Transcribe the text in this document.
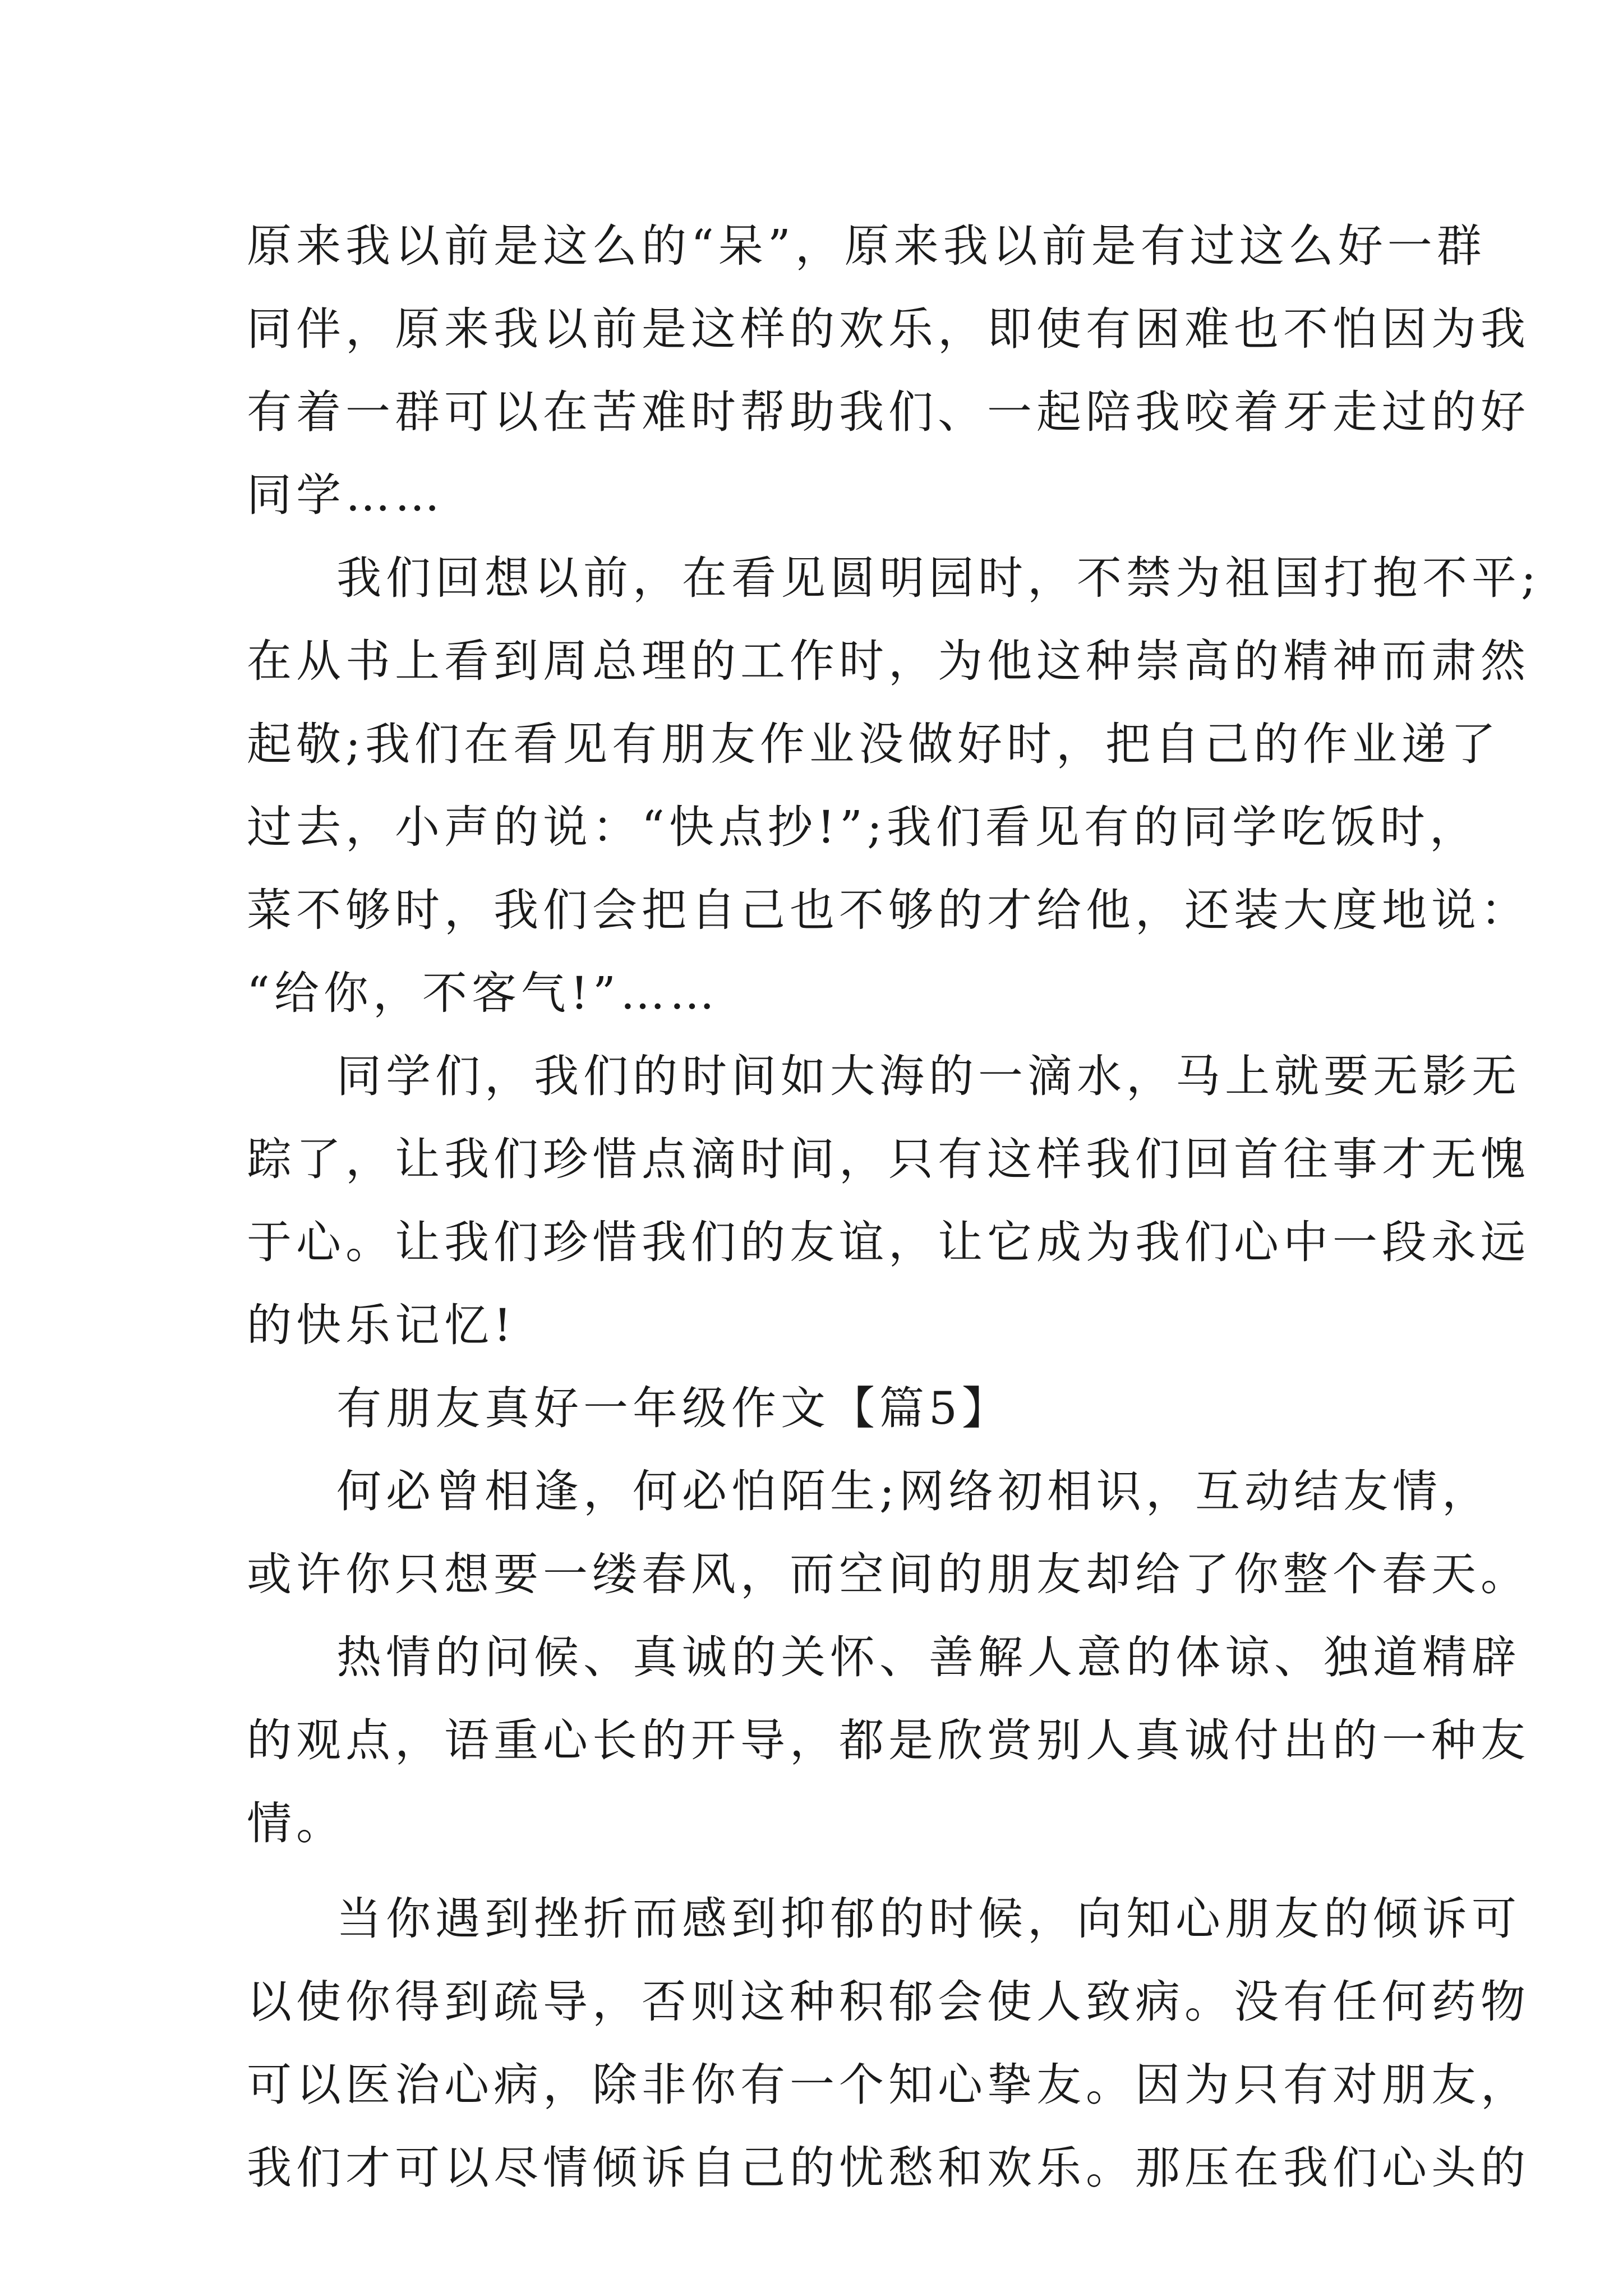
原来我以前是这么的“呆”，原来我以前是有过这么好一群
同伴，原来我以前是这样的欢乐，即使有困难也不怕因为我
有着一群可以在苦难时帮助我们、一起陪我咬着牙走过的好
同学……
我们回想以前，在看见圆明园时，不禁为祖国打抱不平;
在从书上看到周总理的工作时，为他这种崇高的精神而肃然
起敬;我们在看见有朋友作业没做好时，把自己的作业递了
过去，小声的说：“快点抄!”;我们看见有的同学吃饭时，
菜不够时，我们会把自己也不够的才给他，还装大度地说：
“给你，不客气!”……
同学们，我们的时间如大海的一滴水，马上就要无影无
踪了，让我们珍惜点滴时间，只有这样我们回首往事才无愧
于心。让我们珍惜我们的友谊，让它成为我们心中一段永远
的快乐记忆!
有朋友真好一年级作文【篇5】
何必曾相逢，何必怕陌生;网络初相识，互动结友情，
或许你只想要一缕春风，而空间的朋友却给了你整个春天。
热情的问候、真诚的关怀、善解人意的体谅、独道精辟
的观点，语重心长的开导，都是欣赏别人真诚付出的一种友
情。
当你遇到挫折而感到抑郁的时候，向知心朋友的倾诉可
以使你得到疏导，否则这种积郁会使人致病。没有任何药物
可以医治心病，除非你有一个知心挚友。因为只有对朋友，
我们才可以尽情倾诉自己的忧愁和欢乐。那压在我们心头的
